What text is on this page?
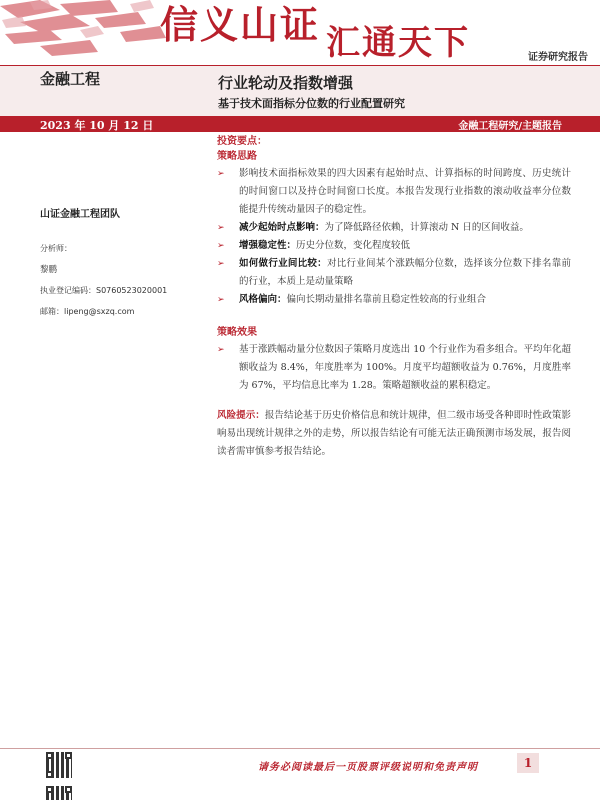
信义山证 汇通天下	证券研究报告
金融工程	行业轮动及指数增强
基于技术面指标分位数的行业配置研究
2023 年 10 月 12 日	金融工程研究/主题报告
山证金融工程团队
分析师：
黎鹏
执业登记编码：S0760523020001
邮箱：lipeng@sxzq.com
投资要点：
策略思路
➢ 影响技术面指标效果的四大因素有起始时点、计算指标的时间跨度、历史统计的时间窗口以及持仓时间窗口长度。本报告发现行业指数的滚动收益率分位数能提升传统动量因子的稳定性。
➢ 减少起始时点影响：为了降低路径依赖，计算滚动 N 日的区间收益。
➢ 增强稳定性：历史分位数，变化程度较低
➢ 如何做行业间比较：对比行业间某个涨跌幅分位数，选择该分位数下排名靠前的行业，本质上是动量策略
➢ 风格偏向：偏向长期动量排名靠前且稳定性较高的行业组合
策略效果
➢ 基于涨跌幅动量分位数因子策略月度选出 10 个行业作为看多组合。平均年化超额收益为 8.4%，年度胜率为 100%。月度平均超额收益为 0.76%，月度胜率为 67%，平均信息比率为 1.28。策略超额收益的累积稳定。
风险提示：报告结论基于历史价格信息和统计规律，但二级市场受各种即时性政策影响易出现统计规律之外的走势，所以报告结论有可能无法正确预测市场发展，报告阅读者需审慎参考报告结论。
请务必阅读最后一页股票评级说明和免责声明	1
